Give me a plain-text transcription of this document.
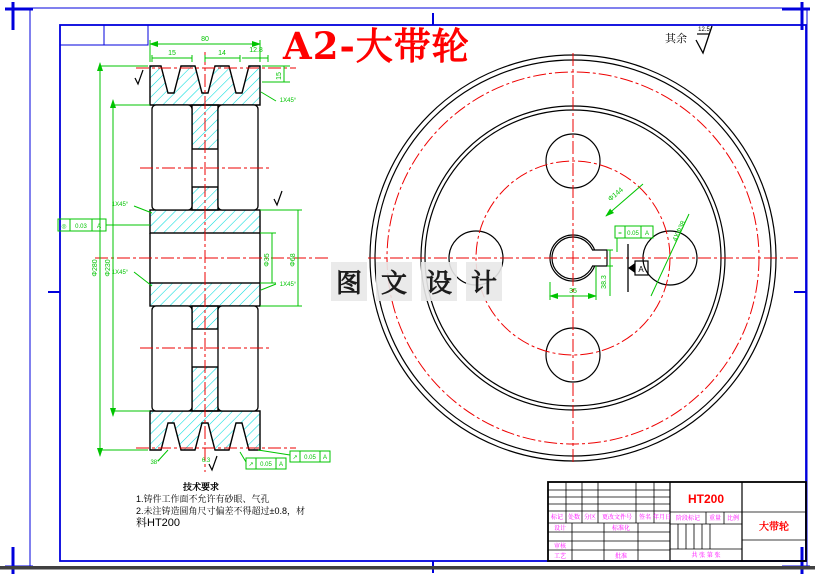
◎ 0.03 A
↗ 0.05 A
↗ 0.05 A
6.3
80
15	14	12.8
15
Φ280 Φ230	Φ35	Φ68
1X45°
1X45°
1X45°
1X45°
38°
35
38.3
Φ144
4XΦ38
= 0.05 A
A
其余
12.5
标记 处数 分区 更改文件号 签名 年月日
设计	标准化
审核
工艺	批准
阶段标记 重量 比例
共 张 第 张
HT200
大带轮
A2-大带轮
图 文 设 计
技术要求
1.铸件工作面不允许有砂眼、气孔
2.未注铸造圆角尺寸偏差不得超过±0.8，材
料HT200
